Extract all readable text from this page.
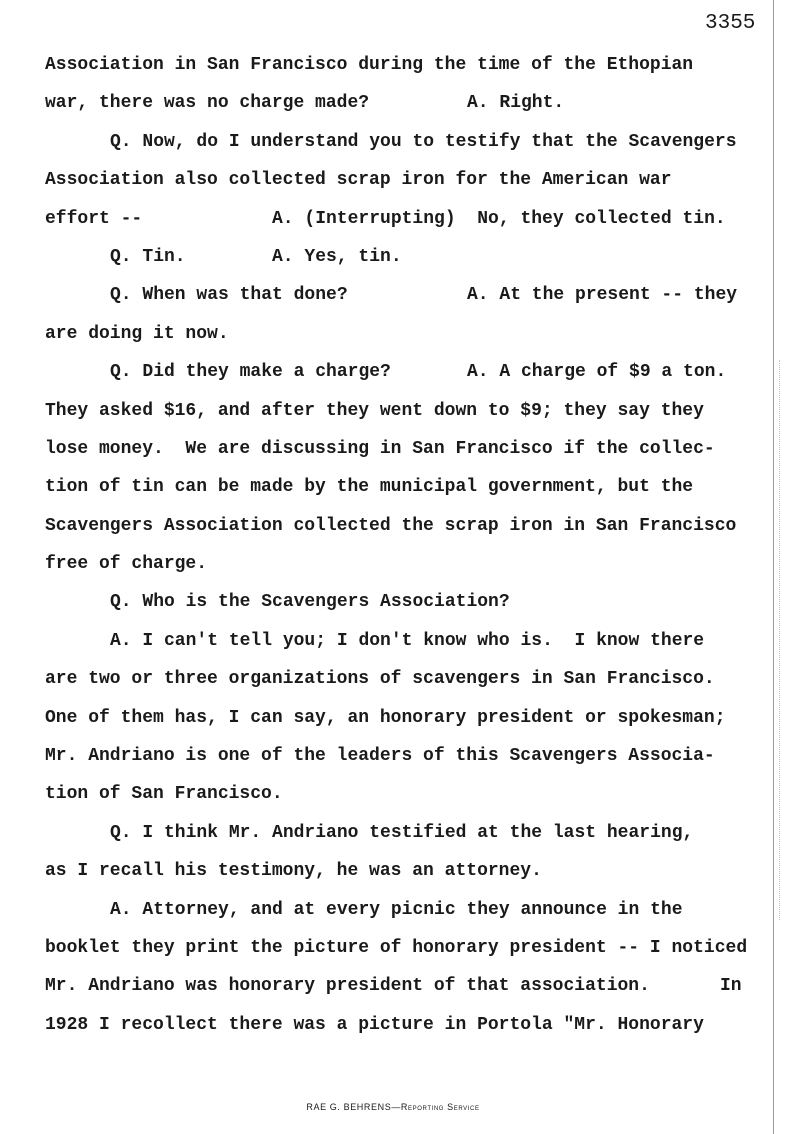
3355

Association in San Francisco during the time of the Ethopian

war, there was no charge made?

	A. Right.

Q. Now, do I understand you to testify that the Scavengers

Association also collected scrap iron for the American war

effort --

	A. (Interrupting)  No, they collected tin.

Q. Tin.

	A. Yes, tin.

Q. When was that done?

	A. At the present -- they

are doing it now.

Q. Did they make a charge?

	A. A charge of $9 a ton.

They asked $16, and after they went down to $9; they say they

lose money.  We are discussing in San Francisco if the collec-

tion of tin can be made by the municipal government, but the

Scavengers Association collected the scrap iron in San Francisco

free of charge.

Q. Who is the Scavengers Association?

A. I can't tell you; I don't know who is.  I know there

are two or three organizations of scavengers in San Francisco.

One of them has, I can say, an honorary president or spokesman;

Mr. Andriano is one of the leaders of this Scavengers Associa-

tion of San Francisco.

Q. I think Mr. Andriano testified at the last hearing,

as I recall his testimony, he was an attorney.

A. Attorney, and at every picnic they announce in the

booklet they print the picture of honorary president -- I noticed

Mr. Andriano was honorary president of that association.

	In

1928 I recollect there was a picture in Portola "Mr. Honorary

RAE G. BEHRENS—Reporting Service
